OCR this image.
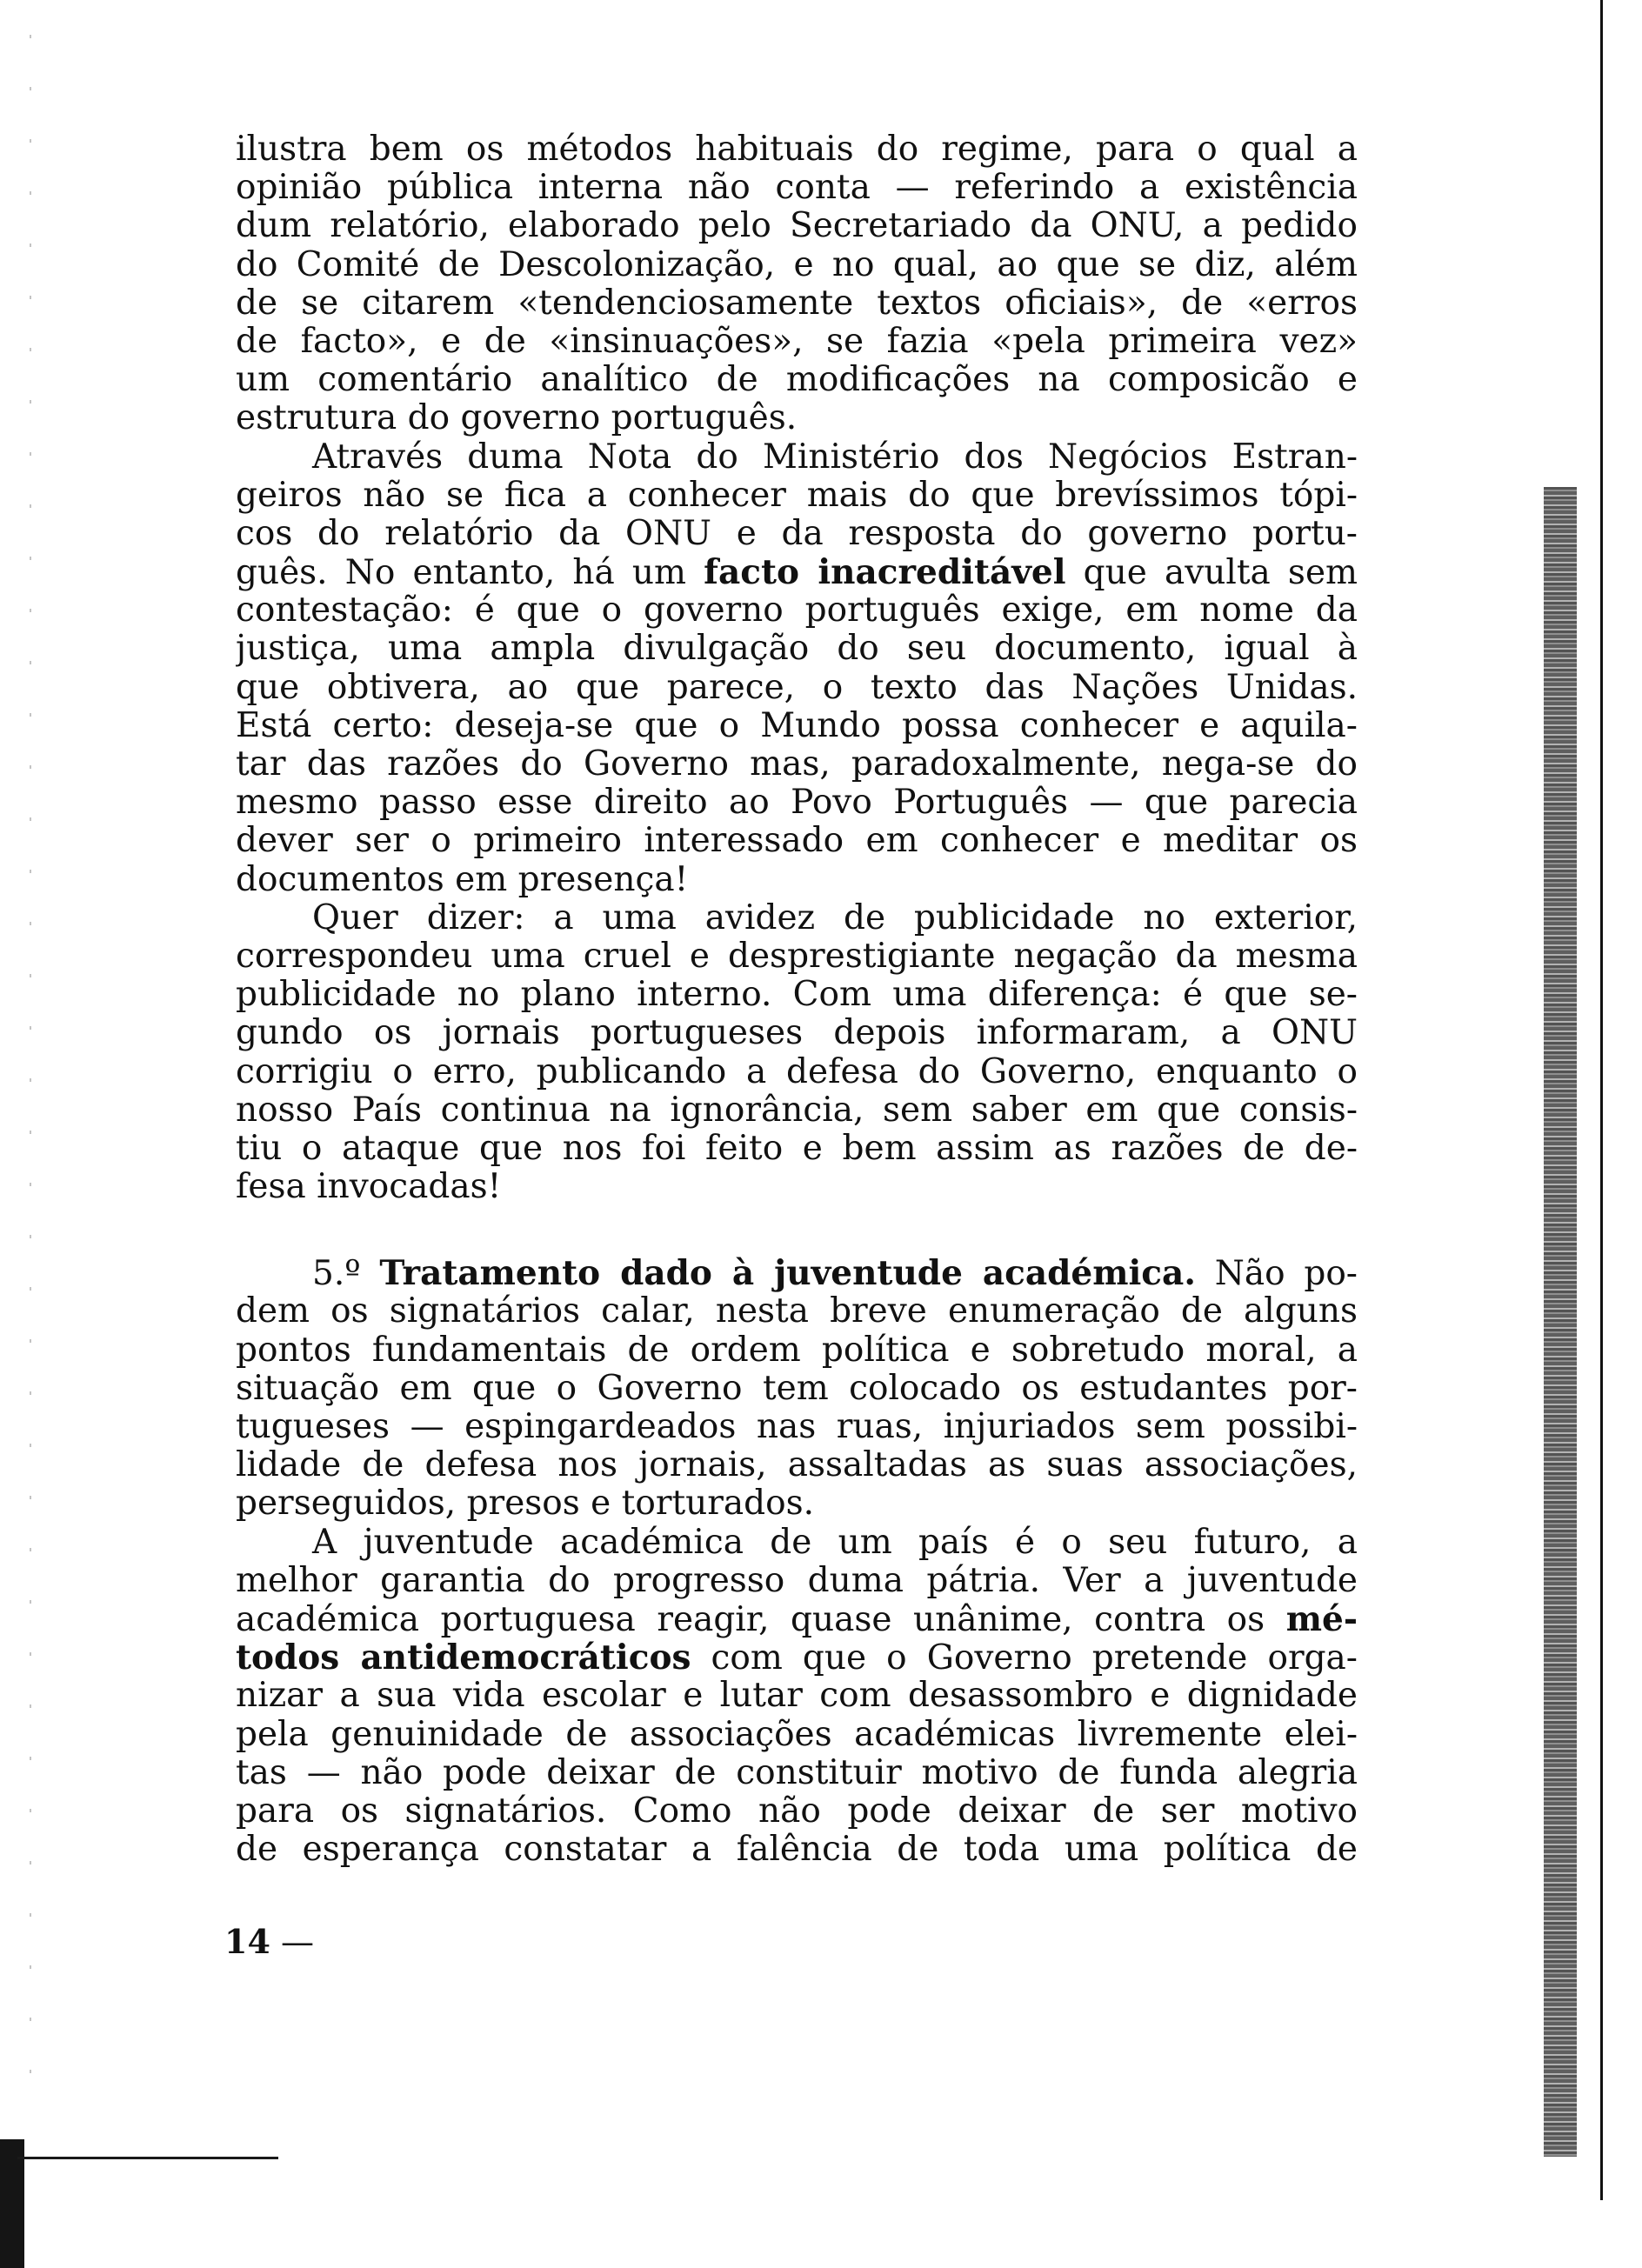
ilustra bem os métodos habituais do regime, para o qual a
opinião pública interna não conta — referindo a existência
dum relatório, elaborado pelo Secretariado da ONU, a pedido
do Comité de Descolonização, e no qual, ao que se diz, além
de se citarem «tendenciosamente textos oficiais», de «erros
de facto», e de «insinuações», se fazia «pela primeira vez»
um comentário analítico de modificações na composicão e
estrutura do governo português.
Através duma Nota do Ministério dos Negócios Estran-
geiros não se fica a conhecer mais do que brevíssimos tópi-
cos do relatório da ONU e da resposta do governo portu-
guês. No entanto, há um facto inacreditável que avulta sem
contestação: é que o governo português exige, em nome da
justiça, uma ampla divulgação do seu documento, igual à
que obtivera, ao que parece, o texto das Nações Unidas.
Está certo: deseja-se que o Mundo possa conhecer e aquila-
tar das razões do Governo mas, paradoxalmente, nega-se do
mesmo passo esse direito ao Povo Português — que parecia
dever ser o primeiro interessado em conhecer e meditar os
documentos em presença!
Quer dizer: a uma avidez de publicidade no exterior,
correspondeu uma cruel e desprestigiante negação da mesma
publicidade no plano interno. Com uma diferença: é que se-
gundo os jornais portugueses depois informaram, a ONU
corrigiu o erro, publicando a defesa do Governo, enquanto o
nosso País continua na ignorância, sem saber em que consis-
tiu o ataque que nos foi feito e bem assim as razões de de-
fesa invocadas!
5.º Tratamento dado à juventude académica. Não po-
dem os signatários calar, nesta breve enumeração de alguns
pontos fundamentais de ordem política e sobretudo moral, a
situação em que o Governo tem colocado os estudantes por-
tugueses — espingardeados nas ruas, injuriados sem possibi-
lidade de defesa nos jornais, assaltadas as suas associações,
perseguidos, presos e torturados.
A juventude académica de um país é o seu futuro, a
melhor garantia do progresso duma pátria. Ver a juventude
académica portuguesa reagir, quase unânime, contra os mé-
todos antidemocráticos com que o Governo pretende orga-
nizar a sua vida escolar e lutar com desassombro e dignidade
pela genuinidade de associações académicas livremente elei-
tas — não pode deixar de constituir motivo de funda alegria
para os signatários. Como não pode deixar de ser motivo
de esperança constatar a falência de toda uma política de
14 —
